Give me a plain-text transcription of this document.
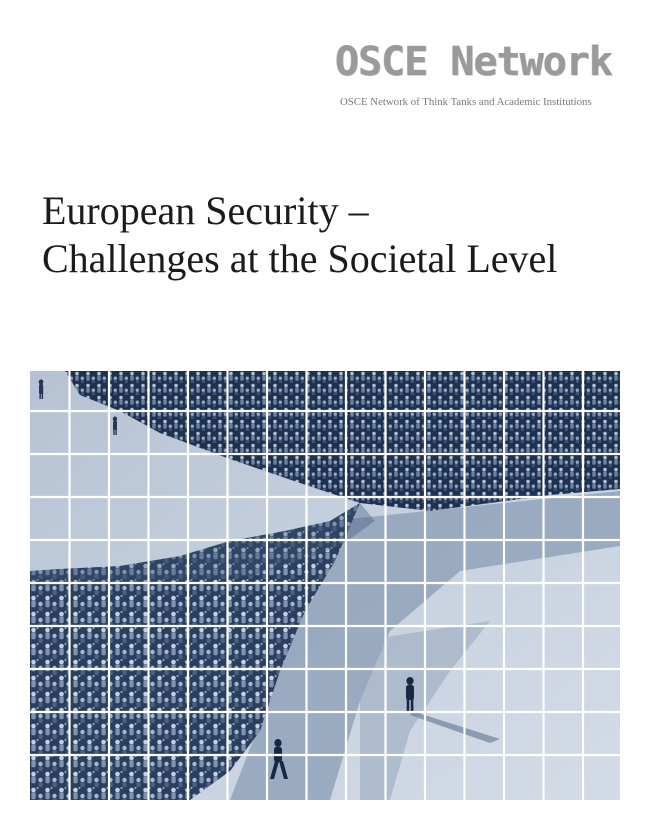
OSCE Network
OSCE Network of Think Tanks and Academic Institutions
European Security –
Challenges at the Societal Level
